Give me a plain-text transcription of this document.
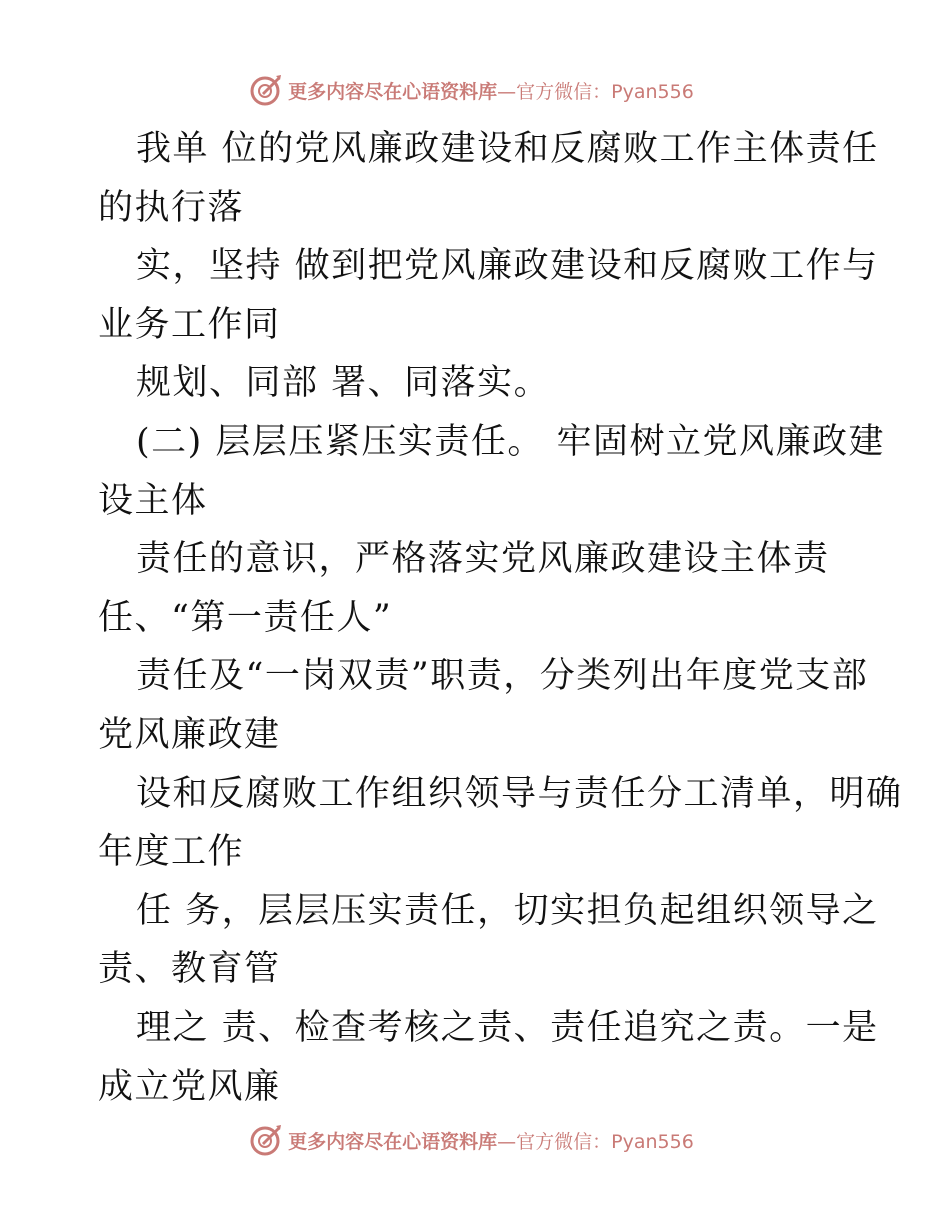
更多内容尽在心语资料库 —官方微信：Pyan556
我单 位的党风廉政建设和反腐败工作主体责任
的执行落
实，坚持 做到把党风廉政建设和反腐败工作与
业务工作同
规划、同部 署、同落实。
(二) 层层压紧压实责任。 牢固树立党风廉政建
设主体
责任的意识，严格落实党风廉政建设主体责
任、“第一责任人”
责任及“一岗双责”职责，分类列出年度党支部
党风廉政建
设和反腐败工作组织领导与责任分工清单，明确
年度工作
任 务，层层压实责任，切实担负起组织领导之
责、教育管
理之 责、检查考核之责、责任追究之责。一是
成立党风廉
更多内容尽在心语资料库 —官方微信：Pyan556
